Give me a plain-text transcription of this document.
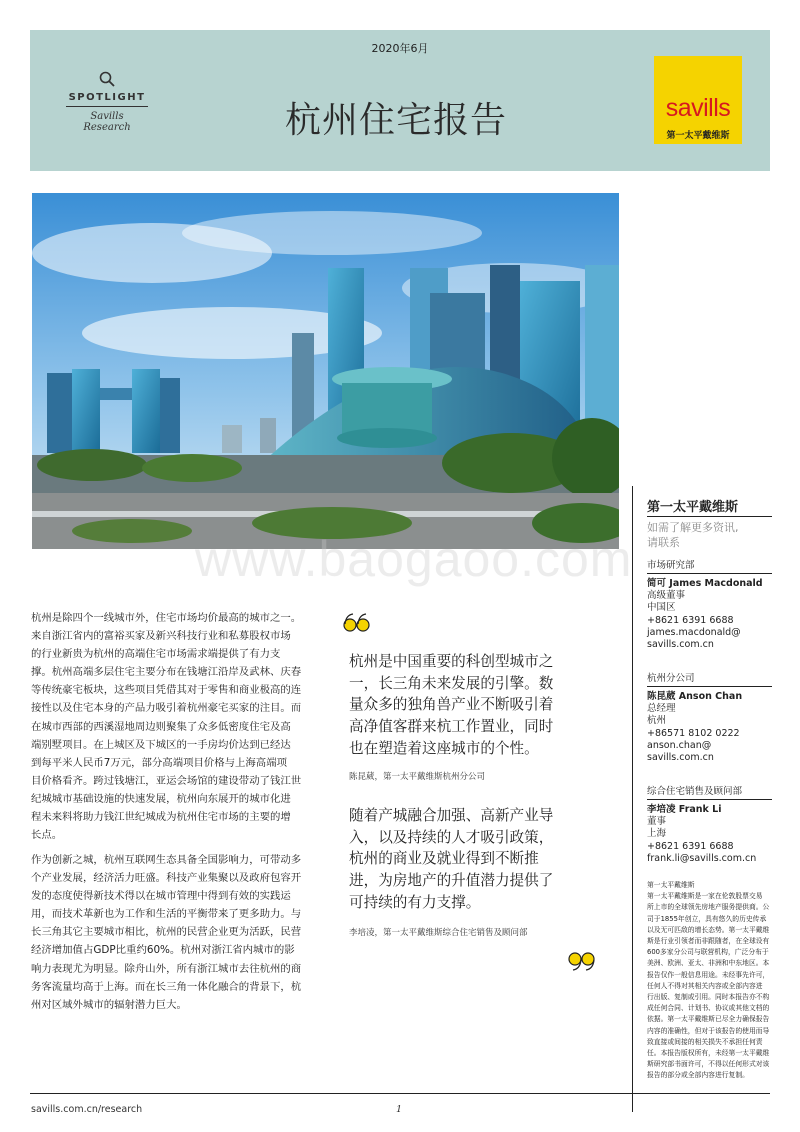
2020年6月
SPOTLIGHT
Savills Research	杭州住宅报告	savills
第一太平戴维斯
www.baogaoo.com
第一太平戴维斯
如需了解更多资讯,
请联系
市场研究部
简可 James Macdonald
高级董事
中国区
+8621 6391 6688
james.macdonald@
savills.com.cn
杭州分公司
陈昆葳 Anson Chan
总经理
杭州
+86571 8102 0222
anson.chan@
savills.com.cn
综合住宅销售及顾问部
李培凌 Frank Li
董事
上海
+8621 6391 6688
frank.li@savills.com.cn
第一太平戴维斯
第一太平戴维斯是一家在伦敦股票交易
所上市的全球领先房地产服务提供商。公
司于1855年创立，具有悠久的历史传承
以及无可匹敌的增长态势。第一太平戴维
斯是行业引领者而非跟随者，在全球设有
600多家分公司与联营机构，广泛分布于
美洲、欧洲、亚太、非洲和中东地区。本
报告仅作一般信息用途。未经事先许可，
任何人不得对其相关内容或全部内容进
行出版、复制或引用。同时本报告亦不构
成任何合同、计划书、协议或其他文档的
依据。第一太平戴维斯已尽全力确保报告
内容的准确性，但对于该报告的使用而导
致直接或间接的相关损失不承担任何责
任。本报告版权所有，未经第一太平戴维
斯研究部书面许可，不得以任何形式对该
报告的部分或全部内容进行复制。
杭州是除四个一线城市外，住宅市场均价最高的城市之一。
来自浙江省内的富裕买家及新兴科技行业和私募股权市场
的行业新贵为杭州的高端住宅市场需求端提供了有力支
撑。杭州高端多层住宅主要分布在钱塘江沿岸及武林、庆春
等传统豪宅板块，这些项目凭借其对于零售和商业极高的连
接性以及住宅本身的产品力吸引着杭州豪宅买家的注目。而
在城市西部的西溪湿地周边则聚集了众多低密度住宅及高
端别墅项目。在上城区及下城区的一手房均价达到已经达
到每平米人民币7万元，部分高端项目价格与上海高端项
目价格看齐。跨过钱塘江，亚运会场馆的建设带动了钱江世
纪城城市基础设施的快速发展，杭州向东展开的城市化进
程未来料将助力钱江世纪城成为杭州住宅市场的主要的增
长点。
作为创新之城，杭州互联网生态具备全国影响力，可带动多
个产业发展，经济活力旺盛。科技产业集聚以及政府包容开
发的态度使得新技术得以在城市管理中得到有效的实践运
用，而技术革新也为工作和生活的平衡带来了更多助力。与
长三角其它主要城市相比，杭州的民营企业更为活跃，民营
经济增加值占GDP比重约60%。杭州对浙江省内城市的影
响力表现尤为明显。除舟山外，所有浙江城市去往杭州的商
务客流量均高于上海。而在长三角一体化融合的背景下，杭
州对区域外城市的辐射潜力巨大。
杭州是中国重要的科创型城市之
一，长三角未来发展的引擎。数
量众多的独角兽产业不断吸引着
高净值客群来杭工作置业，同时
也在塑造着这座城市的个性。
陈昆葳，第一太平戴维斯杭州分公司
随着产城融合加强、高新产业导
入，以及持续的人才吸引政策，
杭州的商业及就业得到不断推
进，为房地产的升值潜力提供了
可持续的有力支撑。
李培凌，第一太平戴维斯综合住宅销售及顾问部
savills.com.cn/research	1
